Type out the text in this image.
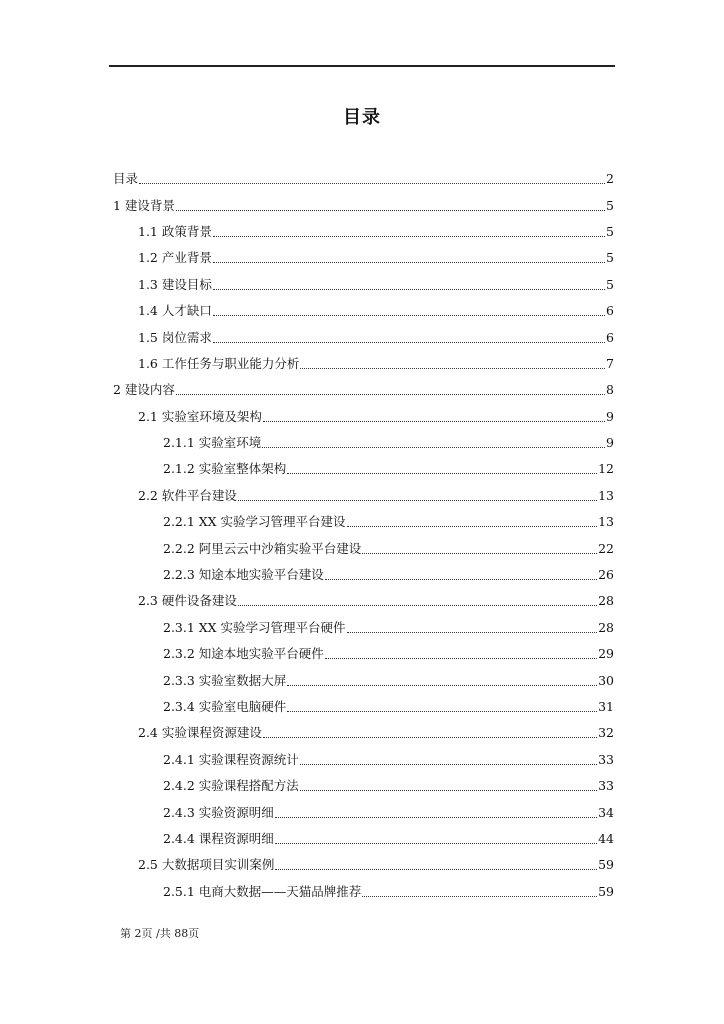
目录
目录	2
1 建设背景	5
1.1 政策背景	5
1.2 产业背景	5
1.3 建设目标	5
1.4 人才缺口	6
1.5 岗位需求	6
1.6 工作任务与职业能力分析	7
2 建设内容	8
2.1 实验室环境及架构	9
2.1.1 实验室环境	9
2.1.2 实验室整体架构	12
2.2 软件平台建设	13
2.2.1 XX 实验学习管理平台建设	13
2.2.2 阿里云云中沙箱实验平台建设	22
2.2.3 知途本地实验平台建设	26
2.3 硬件设备建设	28
2.3.1 XX 实验学习管理平台硬件	28
2.3.2 知途本地实验平台硬件	29
2.3.3 实验室数据大屏	30
2.3.4 实验室电脑硬件	31
2.4 实验课程资源建设	32
2.4.1 实验课程资源统计	33
2.4.2 实验课程搭配方法	33
2.4.3 实验资源明细	34
2.4.4 课程资源明细	44
2.5 大数据项目实训案例	59
2.5.1 电商大数据——天猫品牌推荐	59
第 2页 /共 88页
